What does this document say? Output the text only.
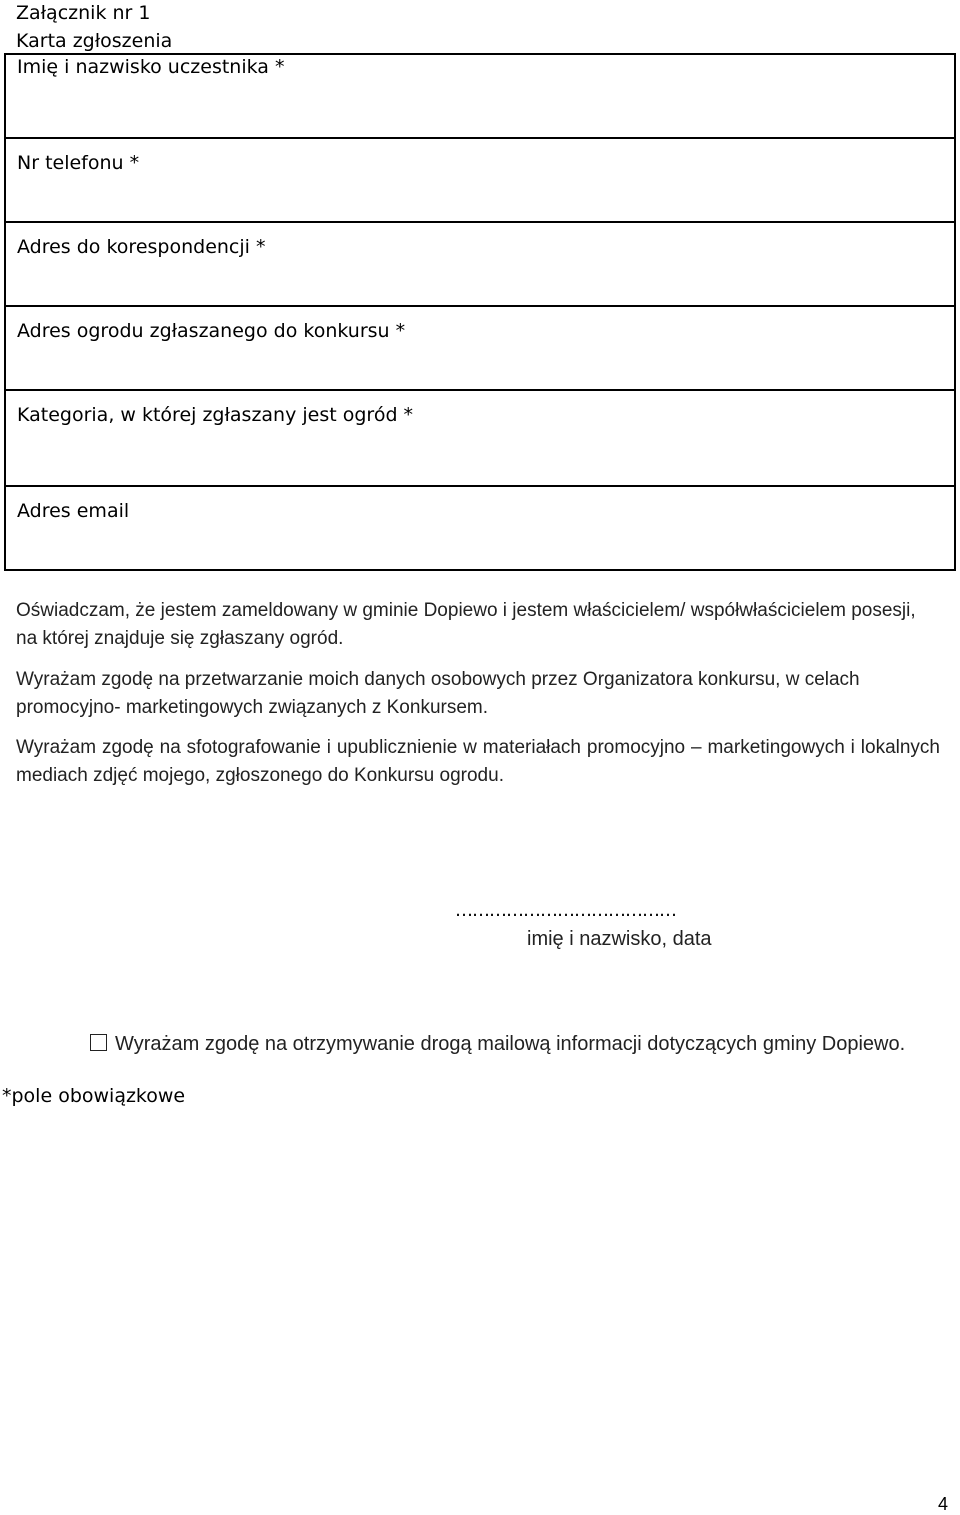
Załącznik nr 1
Karta zgłoszenia
Imię i nazwisko uczestnika *

Nr telefonu *

Adres do korespondencji *

Adres ogrodu zgłaszanego do konkursu *

Kategoria, w której zgłaszany jest ogród *

Adres email
Oświadczam, że jestem zameldowany w gminie Dopiewo i jestem właścicielem/ współwłaścicielem posesji, na której znajduje się zgłaszany ogród.
Wyrażam zgodę na przetwarzanie moich danych osobowych przez Organizatora konkursu, w celach promocyjno- marketingowych związanych z Konkursem.
Wyrażam zgodę na sfotografowanie i upublicznienie w materiałach promocyjno – marketingowych i lokalnych mediach zdjęć mojego, zgłoszonego do Konkursu ogrodu.
…………………………………
imię i nazwisko, data
Wyrażam zgodę na otrzymywanie drogą mailową informacji dotyczących gminy Dopiewo.
*pole obowiązkowe
4
